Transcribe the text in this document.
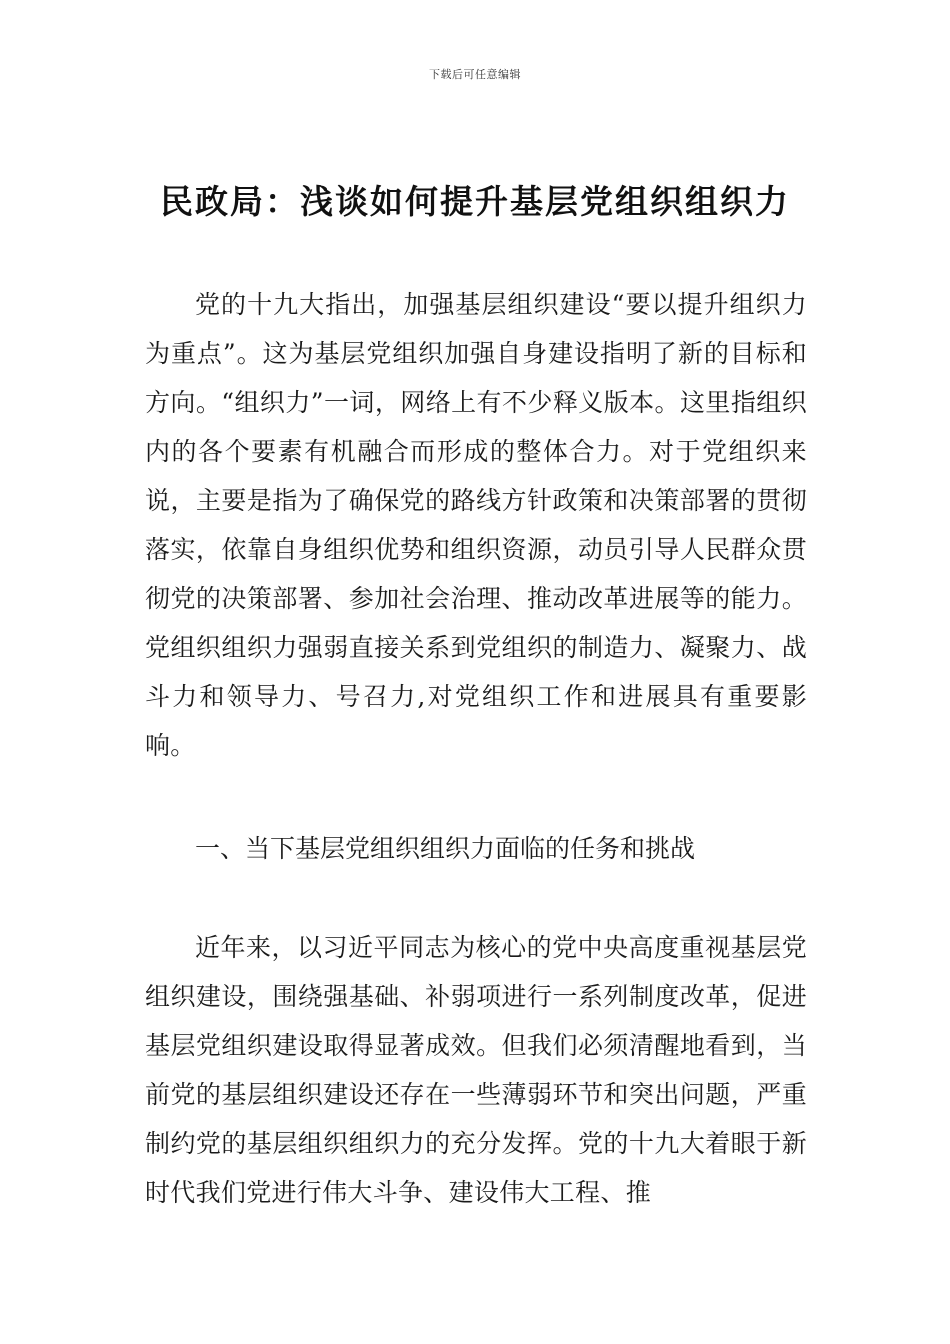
下载后可任意编辑
民政局：浅谈如何提升基层党组织组织力

党的十九大指出，加强基层组织建设“要以提升组织力为重点”。这为基层党组织加强自身建设指明了新的目标和方向。“组织力”一词，网络上有不少释义版本。这里指组织内的各个要素有机融合而形成的整体合力。对于党组织来说，主要是指为了确保党的路线方针政策和决策部署的贯彻落实，依靠自身组织优势和组织资源，动员引导人民群众贯彻党的决策部署、参加社会治理、推动改革进展等的能力。党组织组织力强弱直接关系到党组织的制造力、凝聚力、战斗力和领导力、号召力,对党组织工作和进展具有重要影响。

一、当下基层党组织组织力面临的任务和挑战

近年来，以习近平同志为核心的党中央高度重视基层党组织建设，围绕强基础、补弱项进行一系列制度改革，促进基层党组织建设取得显著成效。但我们必须清醒地看到，当前党的基层组织建设还存在一些薄弱环节和突出问题，严重制约党的基层组织组织力的充分发挥。党的十九大着眼于新时代我们党进行伟大斗争、建设伟大工程、推
